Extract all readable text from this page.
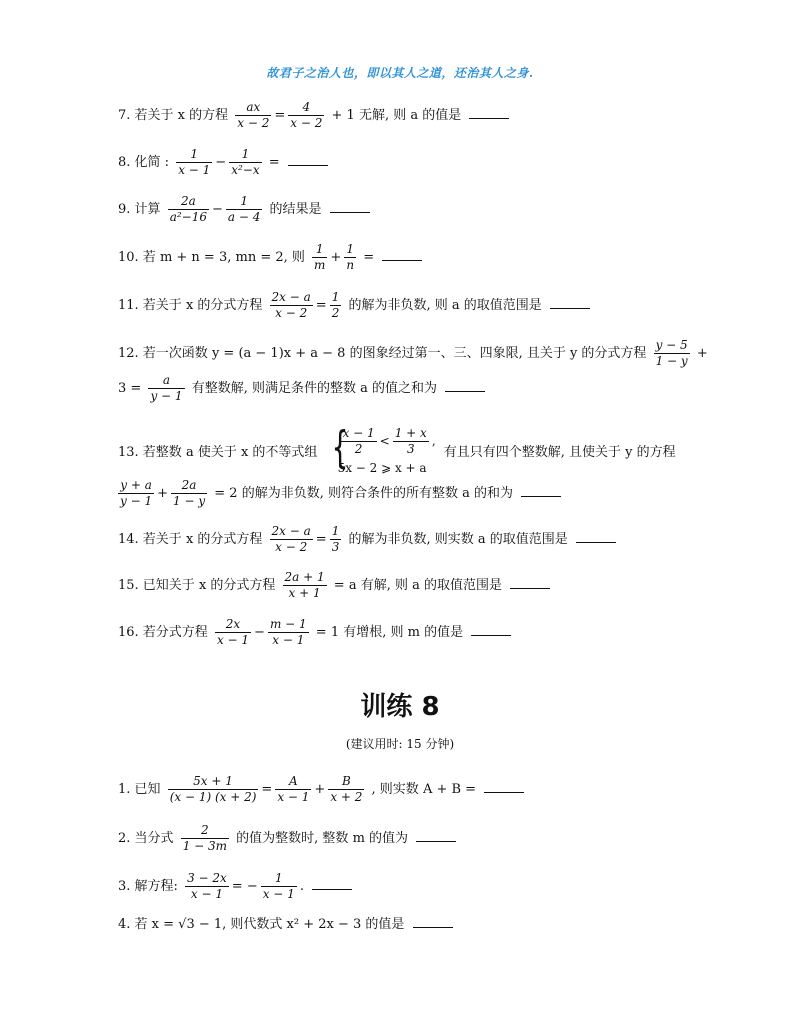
故君子之治人也，即以其人之道，还治其人之身.
7. 若关于 x 的方程 $\frac{ax}{x - 2} = \frac{4}{x - 2} + 1$ 无解, 则 a 的值是
8. 化简 : $\frac{1}{x - 1} - \frac{1}{\text{x²−x}}$ =
9. 计算 $\frac{2a}{\text{a²−16}} - \frac{1}{a - 4}$ 的结果是
10. 若 m + n = 3, mn = 2, 则 $\frac{1}{m} + \frac{1}{n}$ =
11. 若关于 x 的分式方程 $\frac{2x - a}{x - 2} = \frac{1}{2}$ 的解为非负数, 则 a 的取值范围是
12. 若一次函数 y = (a − 1)x + a − 8 的图象经过第一、三、四象限, 且关于 y 的分式方程 $\frac{y - 5}{1 - y}$ +
$3 = \frac{a}{y - 1}$ 有整数解, 则满足条件的整数 a 的值之和为
13. 若整数 a 使关于 x 的不等式组 {
$\frac{x - 1}{2} < \frac{1 + x}{3}$ ,
5x − 2 ⩾ x + a
有且只有四个整数解, 且使关于 y 的方程
$\frac{y + a}{y - 1} + \frac{2a}{1 - y} = 2$ 的解为非负数, 则符合条件的所有整数 a 的和为
14. 若关于 x 的分式方程 $\frac{2x - a}{x - 2} = \frac{1}{3}$ 的解为非负数, 则实数 a 的取值范围是
15. 已知关于 x 的分式方程 $\frac{2a + 1}{x + 1} = a$ 有解, 则 a 的取值范围是
16. 若分式方程 $\frac{2x}{x - 1} - \frac{m - 1}{x - 1} = 1$ 有增根, 则 m 的值是
训练 8
(建议用时: 15 分钟)
1. 已知 $\frac{5x + 1}{(x - 1) (x + 2)} = \frac{A}{x - 1} + \frac{B}{x + 2}$ , 则实数 A + B =
2. 当分式 $\frac{2}{1 - 3m}$ 的值为整数时, 整数 m 的值为
3. 解方程: $\frac{3 - 2x}{x - 1}$ = − $\frac{1}{x - 1}$ .
4. 若 x = √3 − 1, 则代数式 x² + 2x − 3 的值是
